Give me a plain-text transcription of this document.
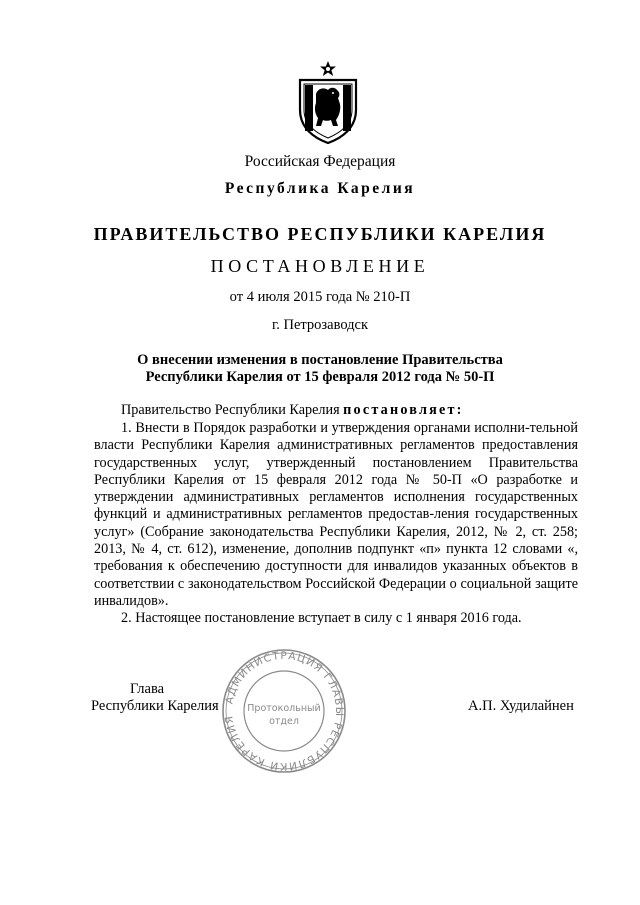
Российская Федерация
Республика Карелия
ПРАВИТЕЛЬСТВО РЕСПУБЛИКИ КАРЕЛИЯ
ПОСТАНОВЛЕНИЕ
от 4 июля 2015 года № 210-П
г. Петрозаводск
О внесении изменения в постановление Правительства
Республики Карелия от 15 февраля 2012 года № 50-П
Правительство Республики Карелия постановляет:
1. Внести в Порядок разработки и утверждения органами исполни-тельной власти Республики Карелия административных регламентов предоставления государственных услуг, утвержденный постановлением Правительства Республики Карелия от 15 февраля 2012 года № 50-П «О разработке и утверждении административных регламентов исполнения государственных функций и административных регламентов предостав-ления государственных услуг» (Собрание законодательства Республики Карелия, 2012, № 2, ст. 258; 2013, № 4, ст. 612), изменение, дополнив подпункт «п» пункта 12 словами «, требования к обеспечению доступности для инвалидов указанных объектов в соответствии с законодательством Российской Федерации о социальной защите инвалидов».
2. Настоящее постановление вступает в силу с 1 января 2016 года.
Глава
Республики Карелия	А.П. Худилайнен
АДМИНИСТРАЦИЯ ГЛАВЫ РЕСПУБЛИКИ КАРЕЛИЯ
Протокольный
отдел
